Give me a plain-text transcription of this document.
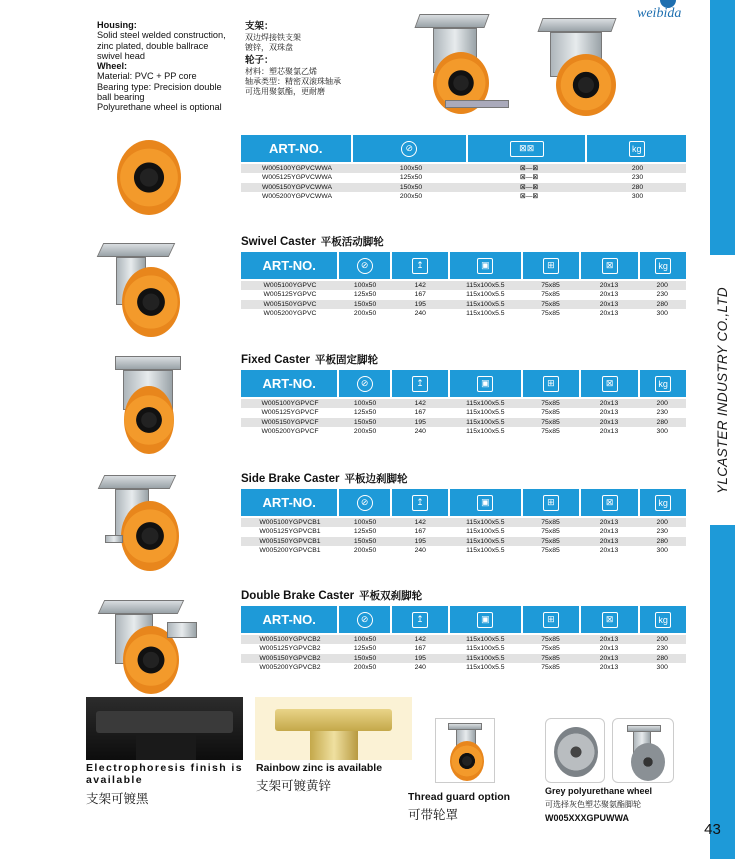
YLCASTER INDUSTRY CO.,LTD
weibida
Housing:
Solid steel welded construction,
zinc plated, double ballrace
swivel head
Wheel:
Material: PVC + PP core
Bearing type: Precision double
ball bearing
Polyurethane wheel is optional
支架：
双边焊接铁支架
镀锌，双珠盘
轮子：
材料：塑芯聚氯乙烯
轴承类型：精密双滚珠轴承
可选用聚氨酯，更耐磨
ART-NO.	⊘	⊠⊠	kg
W005100YGPVCWWA	100x50	⊠—⊠	200
W005125YGPVCWWA	125x50	⊠—⊠	230
W005150YGPVCWWA	150x50	⊠—⊠	280
W005200YGPVCWWA	200x50	⊠—⊠	300
Swivel Caster 平板活动脚轮
ART-NO.	⊘	↥	▣	⊞	⊠	kg
W005100YGPVC	100x50	142	115x100x5.5	75x85	20x13	200
W005125YGPVC	125x50	167	115x100x5.5	75x85	20x13	230
W005150YGPVC	150x50	195	115x100x5.5	75x85	20x13	280
W005200YGPVC	200x50	240	115x100x5.5	75x85	20x13	300
Fixed Caster 平板固定脚轮
ART-NO.	⊘	↥	▣	⊞	⊠	kg
W005100YGPVCF	100x50	142	115x100x5.5	75x85	20x13	200
W005125YGPVCF	125x50	167	115x100x5.5	75x85	20x13	230
W005150YGPVCF	150x50	195	115x100x5.5	75x85	20x13	280
W005200YGPVCF	200x50	240	115x100x5.5	75x85	20x13	300
Side Brake Caster 平板边刹脚轮
ART-NO.	⊘	↥	▣	⊞	⊠	kg
W005100YGPVCB1	100x50	142	115x100x5.5	75x85	20x13	200
W005125YGPVCB1	125x50	167	115x100x5.5	75x85	20x13	230
W005150YGPVCB1	150x50	195	115x100x5.5	75x85	20x13	280
W005200YGPVCB1	200x50	240	115x100x5.5	75x85	20x13	300
Double Brake Caster 平板双刹脚轮
ART-NO.	⊘	↥	▣	⊞	⊠	kg
W005100YGPVCB2	100x50	142	115x100x5.5	75x85	20x13	200
W005125YGPVCB2	125x50	167	115x100x5.5	75x85	20x13	230
W005150YGPVCB2	150x50	195	115x100x5.5	75x85	20x13	280
W005200YGPVCB2	200x50	240	115x100x5.5	75x85	20x13	300
Electrophoresis finish is
available
支架可镀黑
Rainbow zinc is available
支架可镀黄锌
Thread guard option
可带轮罩
Grey polyurethane wheel
可选择灰色塑芯聚氨酯脚轮
W005XXXGPUWWA
43
